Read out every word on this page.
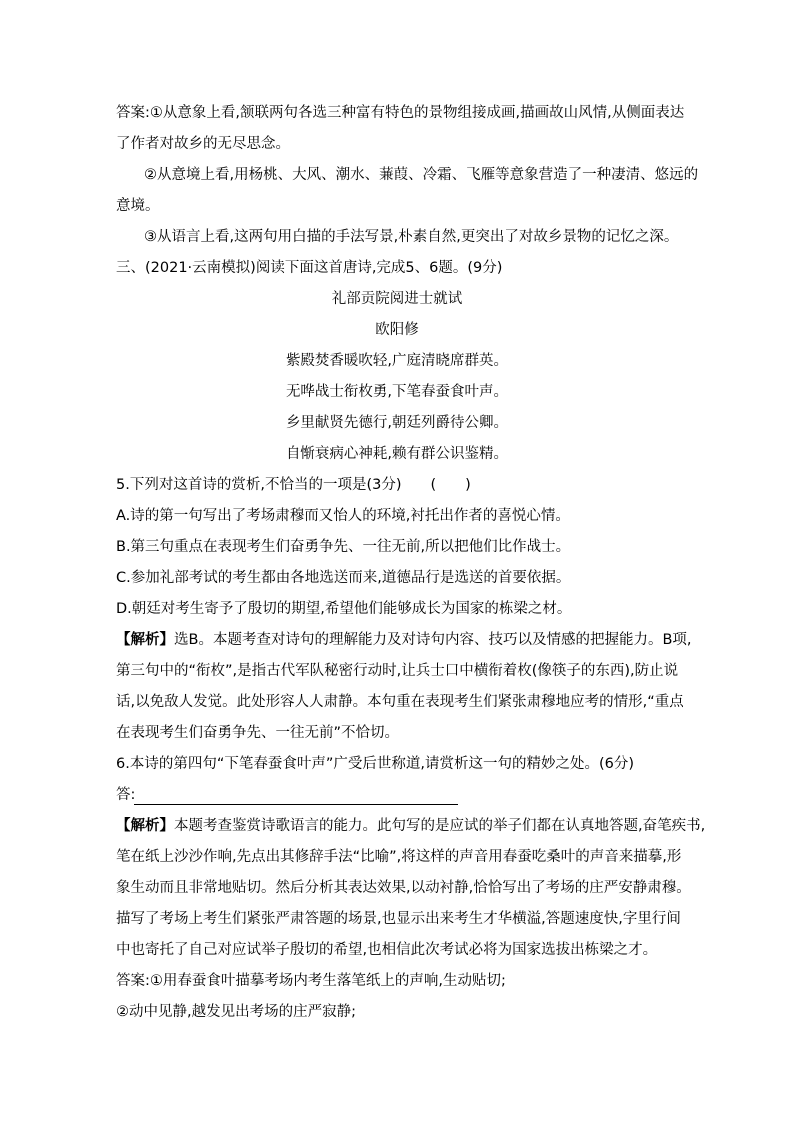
答案:①从意象上看,颔联两句各选三种富有特色的景物组接成画,描画故山风情,从侧面表达
了作者对故乡的无尽思念。
②从意境上看,用杨桃、大风、潮水、蒹葭、冷霜、飞雁等意象营造了一种凄清、悠远的
意境。
③从语言上看,这两句用白描的手法写景,朴素自然,更突出了对故乡景物的记忆之深。
三、(2021·云南模拟)阅读下面这首唐诗,完成5、6题。(9分)
礼部贡院阅进士就试
欧阳修
紫殿焚香暖吹轻,广庭清晓席群英。
无哗战士衔枚勇,下笔春蚕食叶声。
乡里献贤先德行,朝廷列爵待公卿。
自惭衰病心神耗,赖有群公识鉴精。
5.下列对这首诗的赏析,不恰当的一项是(3分)　　(　　)
A.诗的第一句写出了考场肃穆而又怡人的环境,衬托出作者的喜悦心情。
B.第三句重点在表现考生们奋勇争先、一往无前,所以把他们比作战士。
C.参加礼部考试的考生都由各地选送而来,道德品行是选送的首要依据。
D.朝廷对考生寄予了殷切的期望,希望他们能够成长为国家的栋梁之材。
【解析】选B。本题考查对诗句的理解能力及对诗句内容、技巧以及情感的把握能力。B项,
第三句中的“衔枚”,是指古代军队秘密行动时,让兵士口中横衔着枚(像筷子的东西),防止说
话,以免敌人发觉。此处形容人人肃静。本句重在表现考生们紧张肃穆地应考的情形,“重点
在表现考生们奋勇争先、一往无前”不恰切。
6.本诗的第四句“下笔春蚕食叶声”广受后世称道,请赏析这一句的精妙之处。(6分)
答:
【解析】本题考查鉴赏诗歌语言的能力。此句写的是应试的举子们都在认真地答题,奋笔疾书,
笔在纸上沙沙作响,先点出其修辞手法“比喻”,将这样的声音用春蚕吃桑叶的声音来描摹,形
象生动而且非常地贴切。然后分析其表达效果,以动衬静,恰恰写出了考场的庄严安静肃穆。
描写了考场上考生们紧张严肃答题的场景,也显示出来考生才华横溢,答题速度快,字里行间
中也寄托了自己对应试举子殷切的希望,也相信此次考试必将为国家选拔出栋梁之才。
答案:①用春蚕食叶描摹考场内考生落笔纸上的声响,生动贴切;
②动中见静,越发见出考场的庄严寂静;
